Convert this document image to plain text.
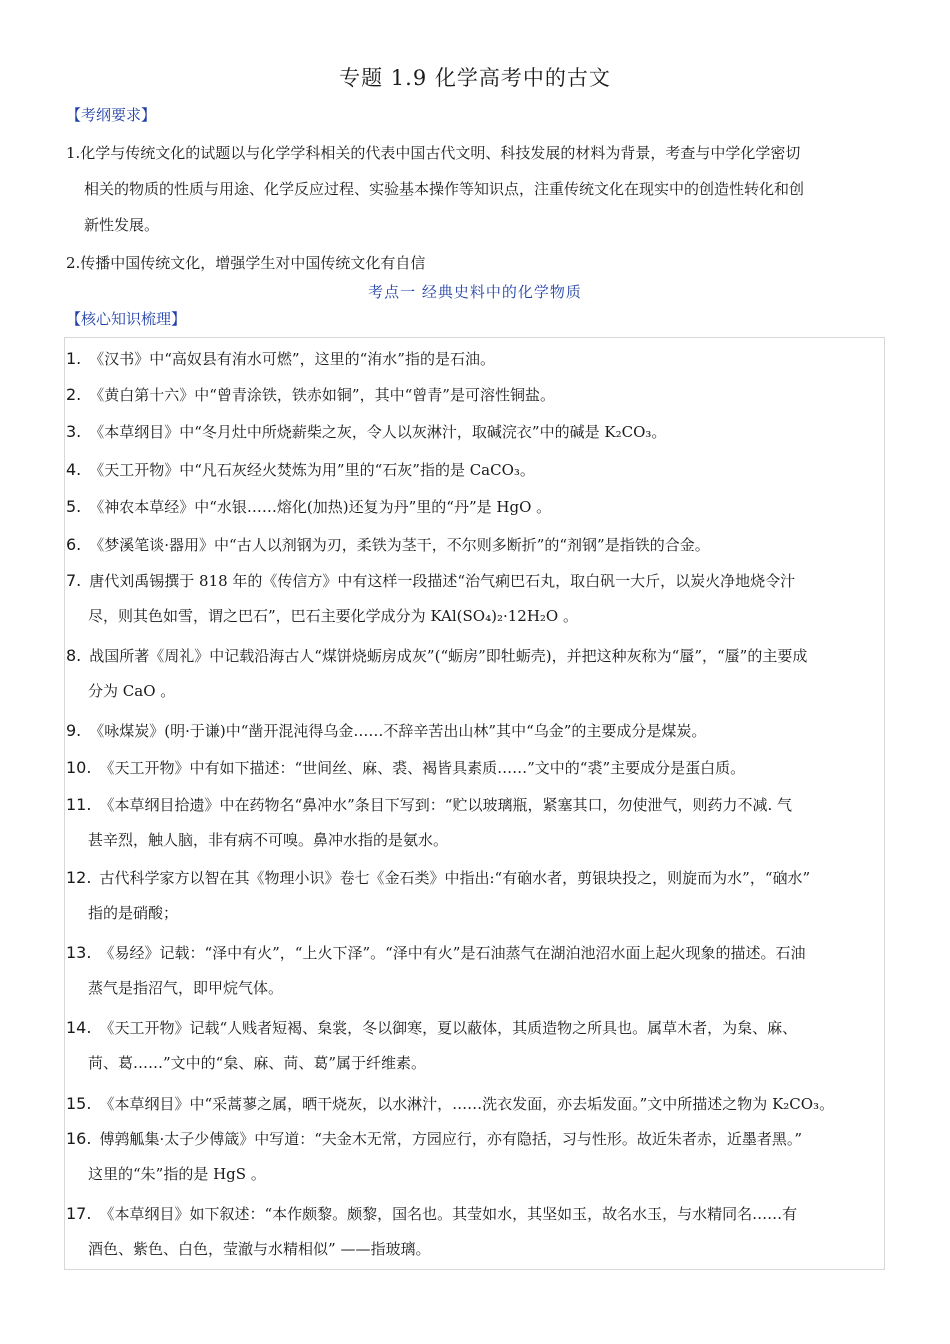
专题 1.9 化学高考中的古文
【考纲要求】
1.化学与传统文化的试题以与化学学科相关的代表中国古代文明、科技发展的材料为背景，考查与中学化学密切
相关的物质的性质与用途、化学反应过程、实验基本操作等知识点，注重传统文化在现实中的创造性转化和创
新性发展。
2.传播中国传统文化，增强学生对中国传统文化有自信
考点一 经典史料中的化学物质
【核心知识梳理】
1. 《汉书》中“高奴县有洧水可燃”，这里的“洧水”指的是石油。
2. 《黄白第十六》中“曾青涂铁，铁赤如铜”，其中“曾青”是可溶性铜盐。
3. 《本草纲目》中“冬月灶中所烧薪柴之灰，令人以灰淋汁，取碱浣衣”中的碱是 K₂CO₃。
4. 《天工开物》中“凡石灰经火焚炼为用”里的“石灰”指的是 CaCO₃。
5. 《神农本草经》中“水银……熔化(加热)还复为丹”里的“丹”是 HgO 。
6. 《梦溪笔谈·器用》中“古人以剂钢为刃，柔铁为茎干，不尔则多断折”的“剂钢”是指铁的合金。
7. 唐代刘禹锡撰于 818 年的《传信方》中有这样一段描述“治气痢巴石丸，取白矾一大斤，以炭火净地烧令汁
尽，则其色如雪，谓之巴石”，巴石主要化学成分为 KAl(SO₄)₂·12H₂O 。
8. 战国所著《周礼》中记载沿海古人“煤饼烧蛎房成灰”(“蛎房”即牡蛎壳)，并把这种灰称为“蜃”，“蜃”的主要成
分为 CaO 。
9. 《咏煤炭》(明·于谦)中“凿开混沌得乌金……不辞辛苦出山林”其中“乌金”的主要成分是煤炭。
10. 《天工开物》中有如下描述：“世间丝、麻、裘、褐皆具素质……”文中的“裘”主要成分是蛋白质。
11. 《本草纲目拾遗》中在药物名“鼻冲水”条目下写到：“贮以玻璃瓶，紧塞其口，勿使泄气，则药力不减. 气
甚辛烈，触人脑，非有病不可嗅。鼻冲水指的是氨水。
12. 古代科学家方以智在其《物理小识》卷七《金石类》中指出:“有硇水者，剪银块投之，则旋而为水”，“硇水”
指的是硝酸；
13. 《易经》记载：“泽中有火”，“上火下泽”。“泽中有火”是石油蒸气在湖泊池沼水面上起火现象的描述。石油
蒸气是指沼气，即甲烷气体。
14. 《天工开物》记载“人贱者短褐、枲裳，冬以御寒，夏以蔽体，其质造物之所具也。属草木者，为枲、麻、
苘、葛……”文中的“枲、麻、苘、葛”属于纤维素。
15. 《本草纲目》中“采蒿蓼之属，晒干烧灰，以水淋汁，……洗衣发面，亦去垢发面。”文中所描述之物为 K₂CO₃。
16. 傅鹑觚集·太子少傅箴》中写道：“夫金木无常，方园应行，亦有隐括，习与性形。故近朱者赤，近墨者黑。”
这里的“朱”指的是 HgS 。
17. 《本草纲目》如下叙述：“本作颇黎。颇黎，国名也。其莹如水，其坚如玉，故名水玉，与水精同名……有
酒色、紫色、白色，莹澈与水精相似” ——指玻璃。
